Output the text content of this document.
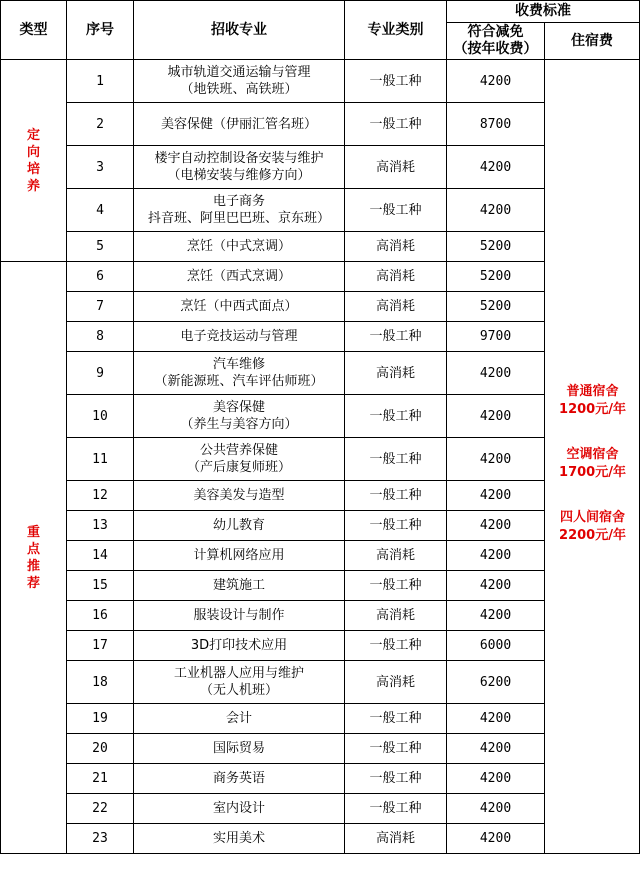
类型	序号	招收专业	专业类别	收费标准	

				符合减免
（按年收费）	住宿费

定
向
培
养	1	城市轨道交通运输与管理
（地铁班、高铁班）	一般工种	4200	
	2	美容保健（伊丽汇管名班）	一般工种	8700	
	3	楼宇自动控制设备安装与维护
（电梯安装与维修方向）	高消耗	4200	
	4	电子商务
抖音班、阿里巴巴班、京东班）	一般工种	4200	
	5	烹饪（中式烹调）	高消耗	5200	

重
点
推
荐	6	烹饪（西式烹调）	高消耗	5200	
	7	烹饪（中西式面点）	高消耗	5200	
	8	电子竞技运动与管理	一般工种	9700	
	9	汽车维修
（新能源班、汽车评估师班）	高消耗	4200	
	10	美容保健
（养生与美容方向）	一般工种	4200	
	11	公共营养保健
（产后康复师班）	一般工种	4200	
	12	美容美发与造型	一般工种	4200	
	13	幼儿教育	一般工种	4200	
	14	计算机网络应用	高消耗	4200	
	15	建筑施工	一般工种	4200	
	16	服装设计与制作	高消耗	4200	
	17	3D打印技术应用	一般工种	6000	
	18	工业机器人应用与维护
（无人机班）	高消耗	6200	
	19	会计	一般工种	4200	
	20	国际贸易	一般工种	4200	
	21	商务英语	一般工种	4200	
	22	室内设计	一般工种	4200	
	23	实用美术	高消耗	4200	
普通宿舍
1200元/年
空调宿舍
1700元/年
四人间宿舍
2200元/年
